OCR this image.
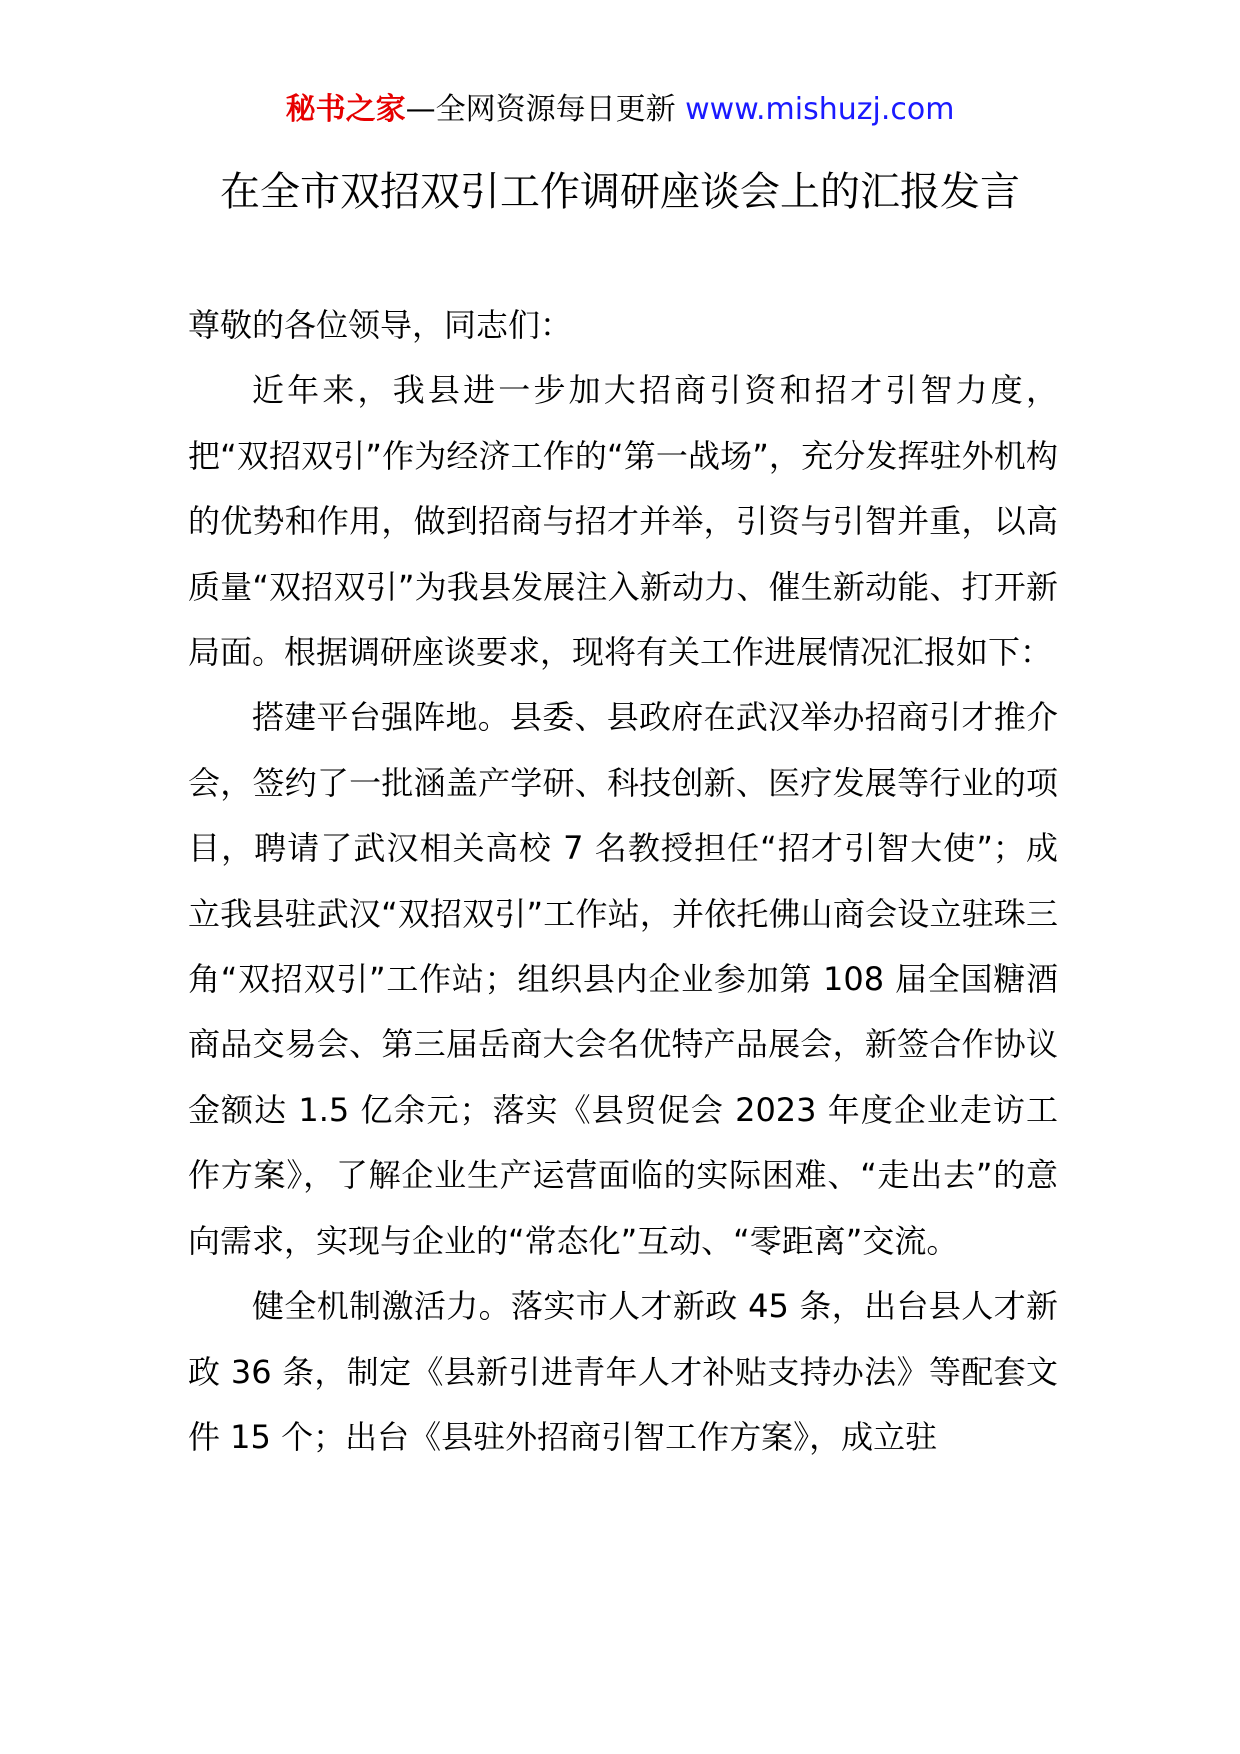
秘书之家—全网资源每日更新 www.mishuzj.com
在全市双招双引工作调研座谈会上的汇报发言

尊敬的各位领导，同志们：

近年来，我县进一步加大招商引资和招才引智力度，把“双招双引”作为经济工作的“第一战场”，充分发挥驻外机构的优势和作用，做到招商与招才并举，引资与引智并重，以高质量“双招双引”为我县发展注入新动力、催生新动能、打开新局面。根据调研座谈要求，现将有关工作进展情况汇报如下：

搭建平台强阵地。县委、县政府在武汉举办招商引才推介会，签约了一批涵盖产学研、科技创新、医疗发展等行业的项目，聘请了武汉相关高校 7 名教授担任“招才引智大使”；成立我县驻武汉“双招双引”工作站，并依托佛山商会设立驻珠三角“双招双引”工作站；组织县内企业参加第 108 届全国糖酒商品交易会、第三届岳商大会名优特产品展会，新签合作协议金额达 1.5 亿余元；落实《县贸促会 2023 年度企业走访工作方案》，了解企业生产运营面临的实际困难、“走出去”的意向需求，实现与企业的“常态化”互动、“零距离”交流。

健全机制激活力。落实市人才新政 45 条，出台县人才新政 36 条，制定《县新引进青年人才补贴支持办法》等配套文件 15 个；出台《县驻外招商引智工作方案》，成立驻
